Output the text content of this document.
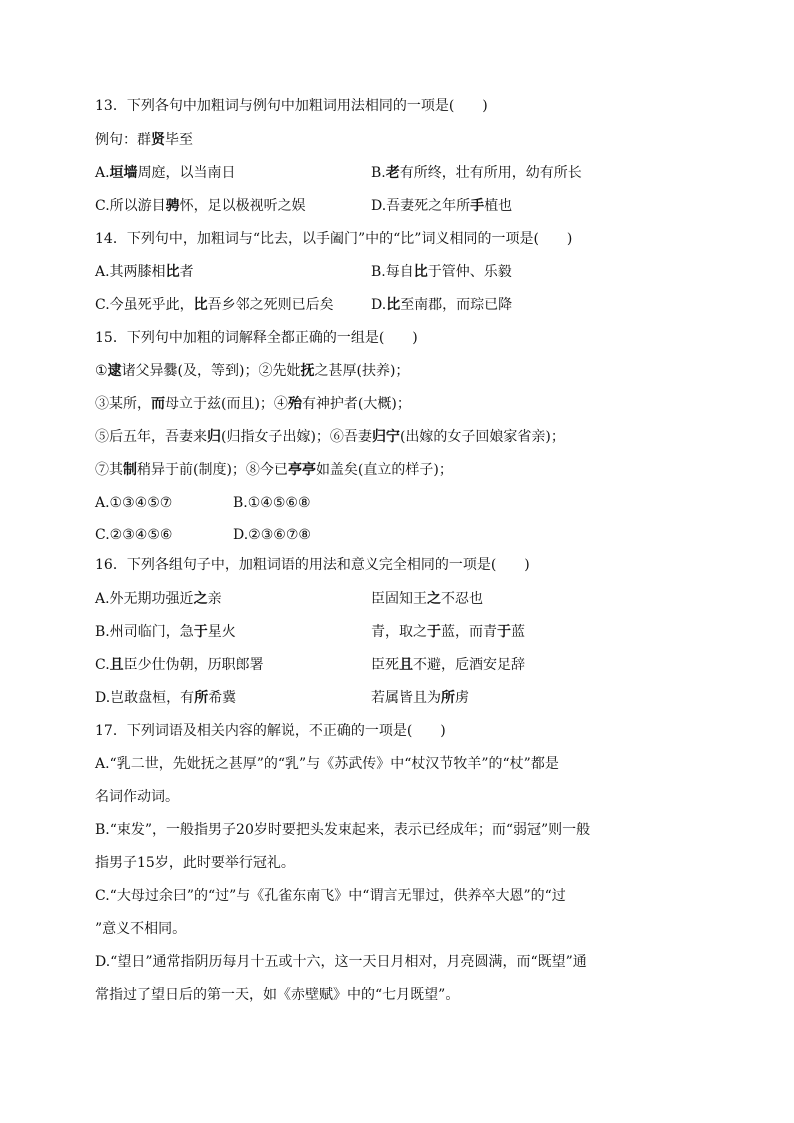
13．下列各句中加粗词与例句中加粗词用法相同的一项是(　　)
例句：群贤毕至
A.垣墙周庭，以当南日	B.老有所终，壮有所用，幼有所长
C.所以游目骋怀，足以极视听之娱	D.吾妻死之年所手植也
14．下列句中，加粗词与“比去，以手阖门”中的“比”词义相同的一项是(　　)
A.其两膝相比者	B.每自比于管仲、乐毅
C.今虽死乎此，比吾乡邻之死则已后矣	D.比至南郡，而琮已降
15．下列句中加粗的词解释全都正确的一组是(　　)
①逮诸父异爨(及，等到)；②先妣抚之甚厚(扶养)；
③某所，而母立于兹(而且)；④殆有神护者(大概)；
⑤后五年，吾妻来归(归指女子出嫁)；⑥吾妻归宁(出嫁的女子回娘家省亲)；
⑦其制稍异于前(制度)；⑧今已亭亭如盖矣(直立的样子)；
A.①③④⑤⑦	B.①④⑤⑥⑧
C.②③④⑤⑥	D.②③⑥⑦⑧
16．下列各组句子中，加粗词语的用法和意义完全相同的一项是(　　)
A.外无期功强近之亲	臣固知王之不忍也
B.州司临门，急于星火	青，取之于蓝，而青于蓝
C.且臣少仕伪朝，历职郎署	臣死且不避，卮酒安足辞
D.岂敢盘桓，有所希冀	若属皆且为所虏
17．下列词语及相关内容的解说，不正确的一项是(　　)
A.“乳二世，先妣抚之甚厚”的“乳”与《苏武传》中“杖汉节牧羊”的“杖”都是
名词作动词。
B.“束发”，一般指男子20岁时要把头发束起来，表示已经成年；而“弱冠”则一般
指男子15岁，此时要举行冠礼。
C.“大母过余曰”的“过”与《孔雀东南飞》中“谓言无罪过，供养卒大恩”的“过
”意义不相同。
D.“望日”通常指阴历每月十五或十六，这一天日月相对，月亮圆满，而“既望”通
常指过了望日后的第一天，如《赤壁赋》中的“七月既望”。
